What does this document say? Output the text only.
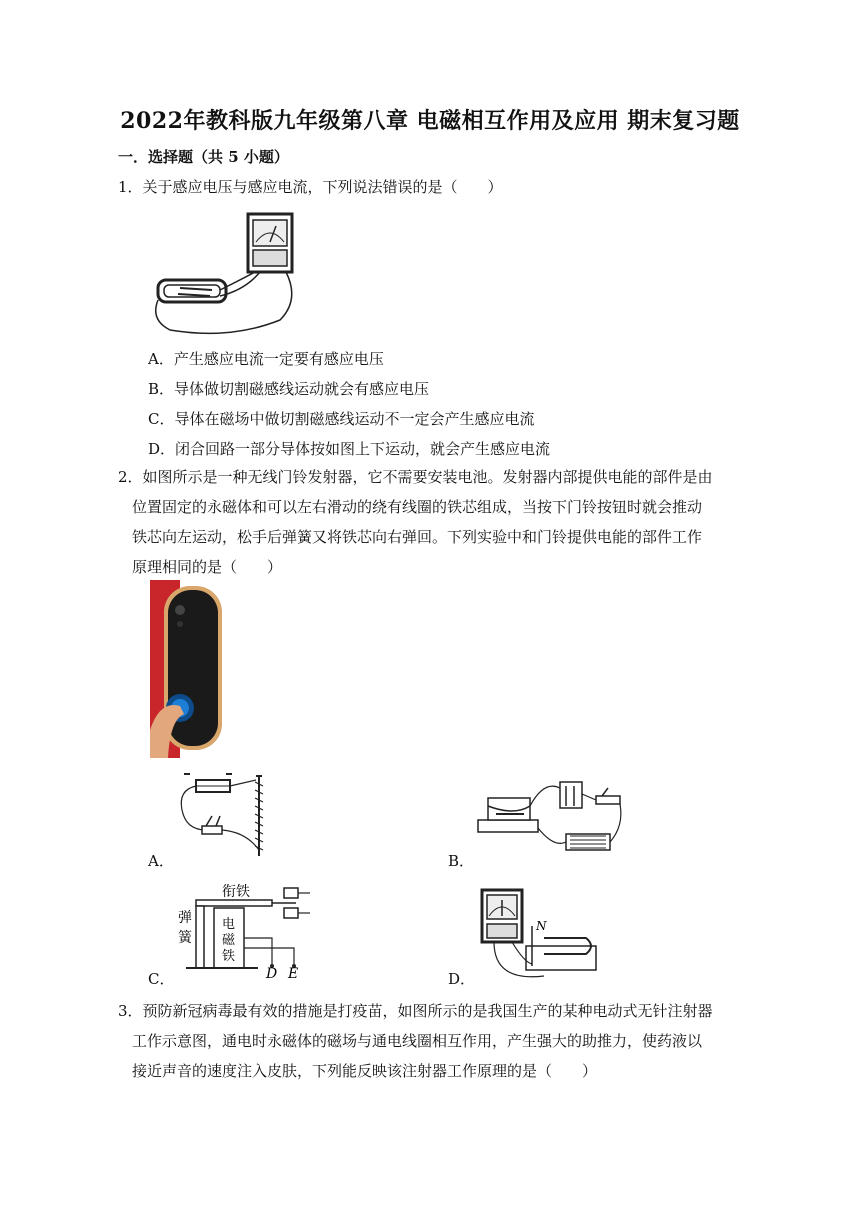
2022年教科版九年级第八章 电磁相互作用及应用 期末复习题
一．选择题（共 5 小题）
1．关于感应电压与感应电流，下列说法错误的是（　　）
A．产生感应电流一定要有感应电压
B．导体做切割磁感线运动就会有感应电压
C．导体在磁场中做切割磁感线运动不一定会产生感应电流
D．闭合回路一部分导体按如图上下运动，就会产生感应电流
2．如图所示是一种无线门铃发射器，它不需要安装电池。发射器内部提供电能的部件是由
位置固定的永磁体和可以左右滑动的绕有线圈的铁芯组成，当按下门铃按钮时就会推动
铁芯向左运动，松手后弹簧又将铁芯向右弹回。下列实验中和门铃提供电能的部件工作
原理相同的是（　　）
A．	B．
衔铁
弹
簧
电
磁
铁
D E
C．
N
D．
3．预防新冠病毒最有效的措施是打疫苗，如图所示的是我国生产的某种电动式无针注射器
工作示意图，通电时永磁体的磁场与通电线圈相互作用，产生强大的助推力，使药液以
接近声音的速度注入皮肤，下列能反映该注射器工作原理的是（　　）
